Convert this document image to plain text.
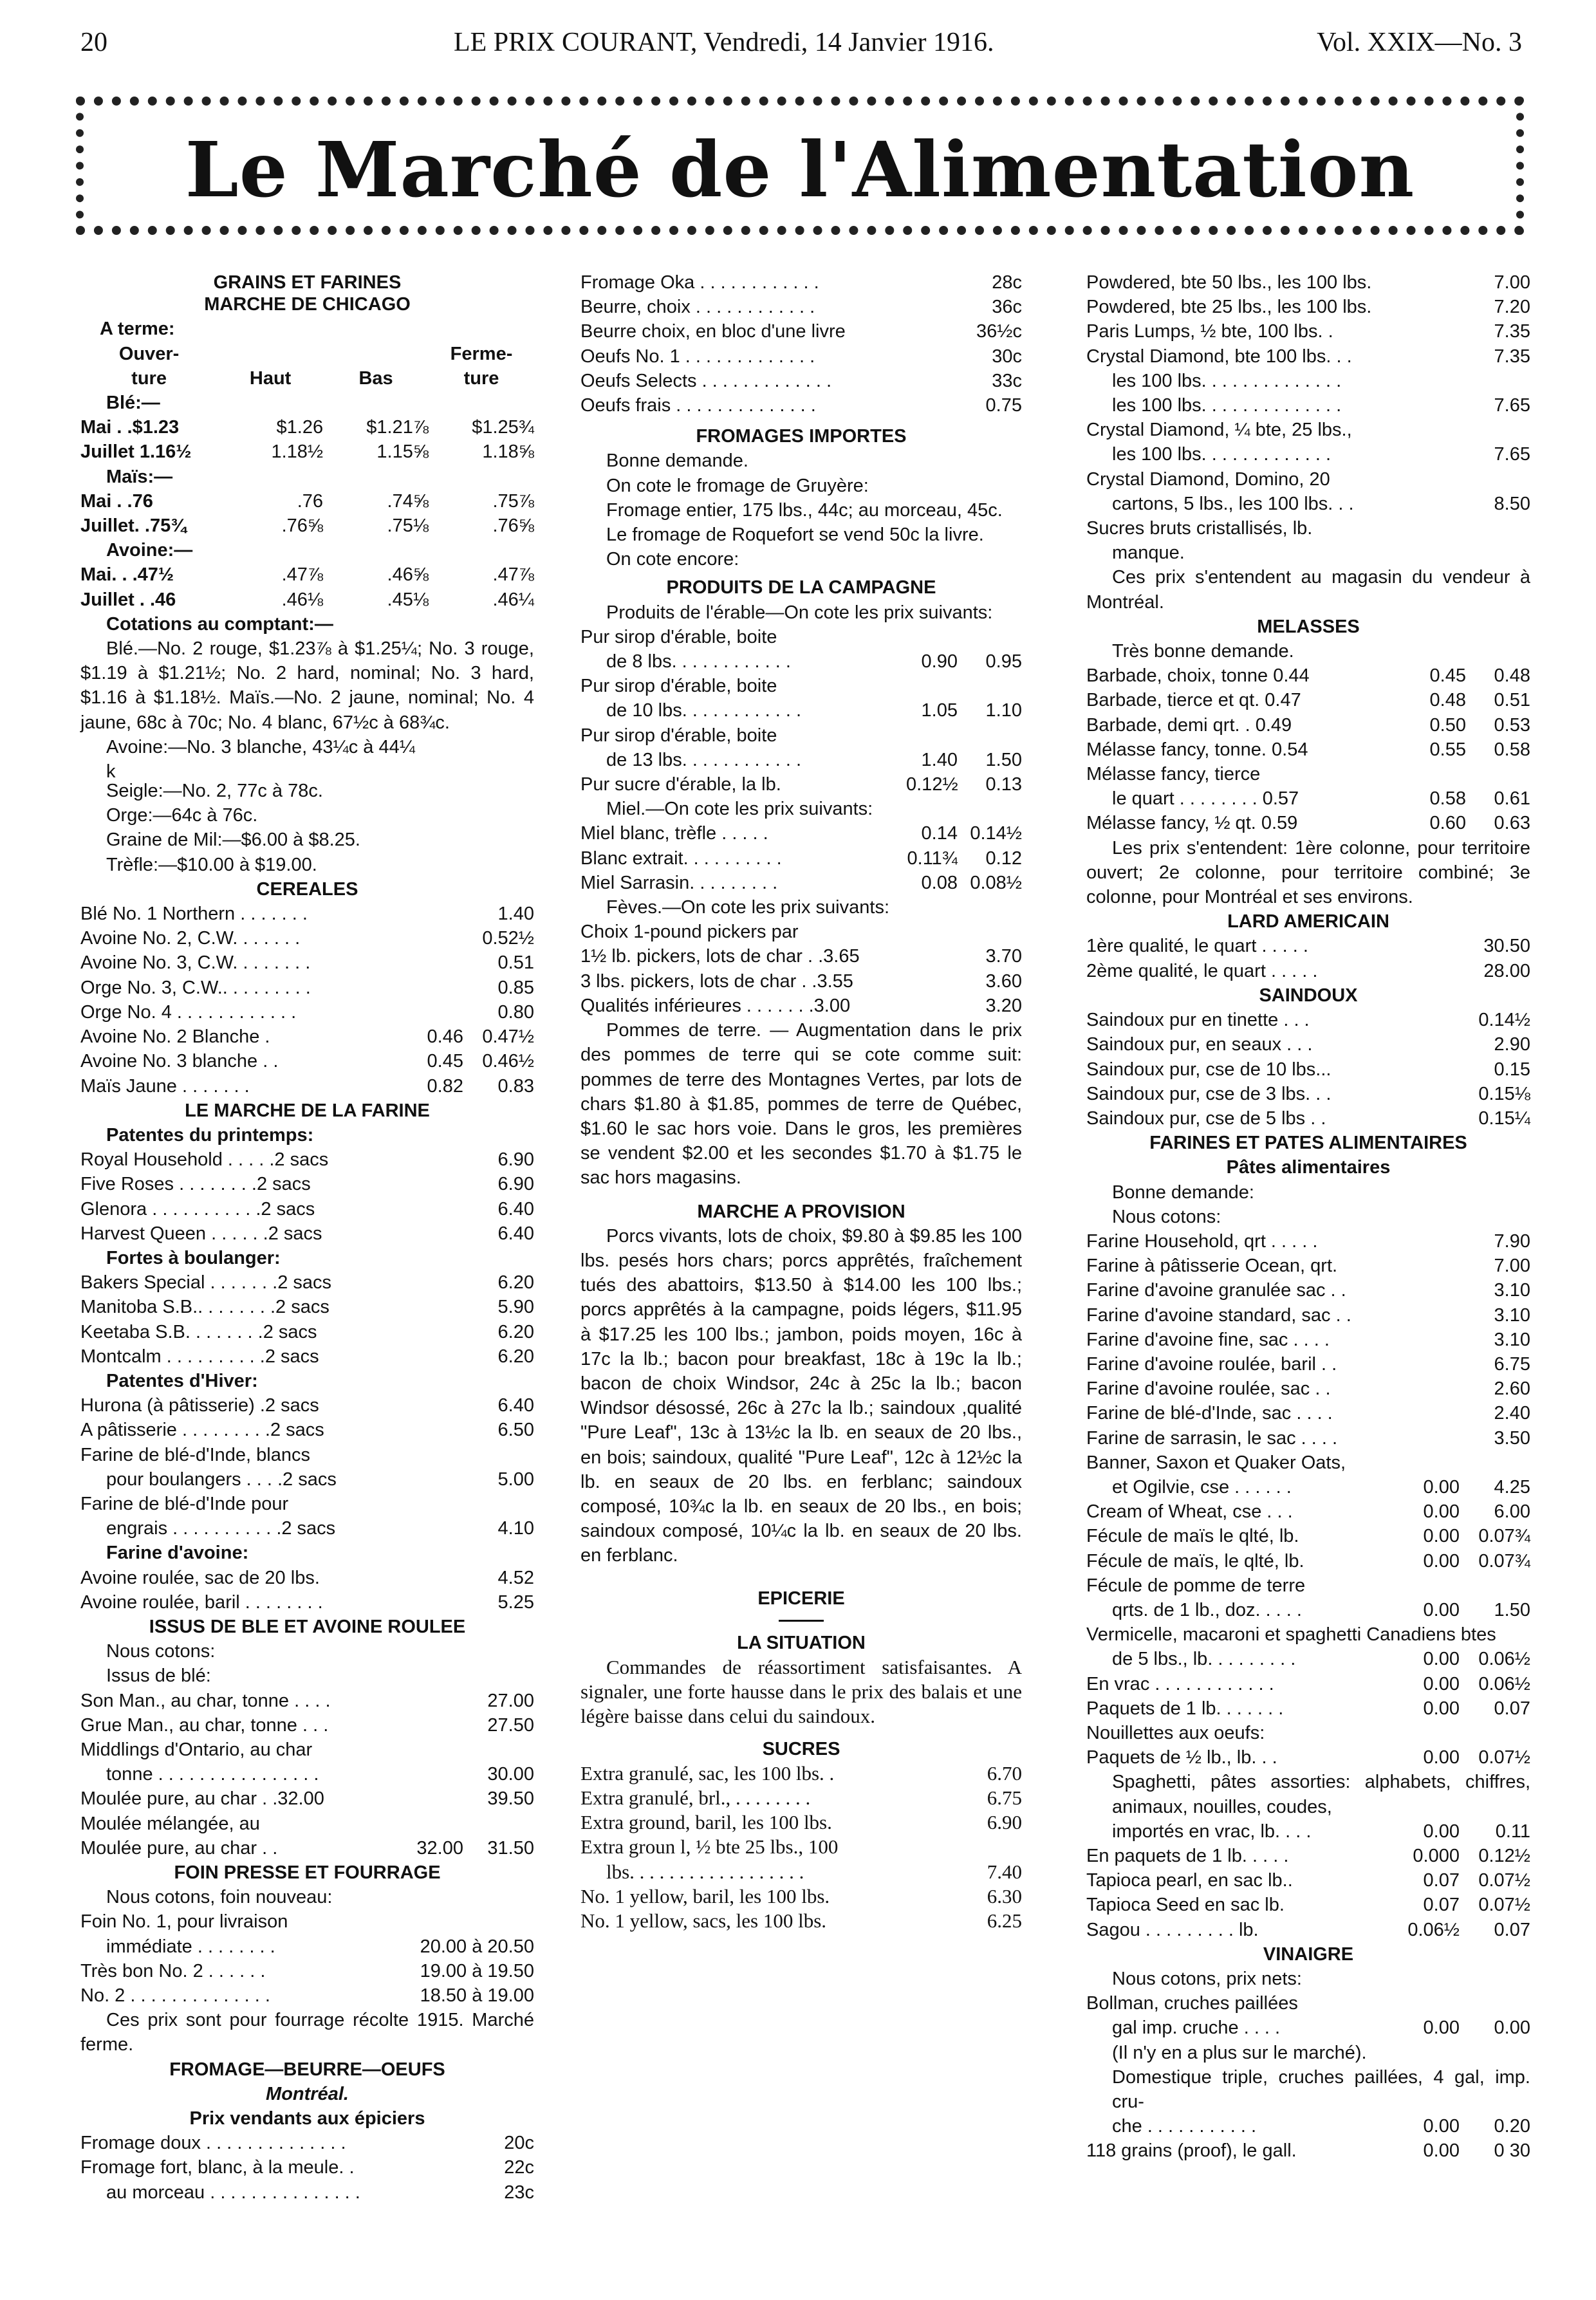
20	LE PRIX COURANT, Vendredi, 14 Janvier 1916.	Vol. XXIX—No. 3
Le Marché de l'Alimentation
GRAINS ET FARINES
MARCHE DE CHICAGO
A terme:
Ouver-
ture	Haut	Bas
Ferme-
ture
Blé:—
Mai . .$1.23	$1.26	$1.21⅞	$1.25¾
Juillet 1.16½	1.18½	1.15⅝	1.18⅝
Maïs:—
Mai . .76	.76	.74⅝	.75⅞
Juillet. .75¾	.76⅝	.75⅛	.76⅝
Avoine:—
Mai. . .47½	.47⅞	.46⅝	.47⅞
Juillet . .46	.46⅛	.45⅛	.46¼
Cotations au comptant:—
Blé.—No. 2 rouge, $1.23⅞ à $1.25¼; No. 3 rouge, $1.19 à $1.21½; No. 2 hard, nominal; No. 3 hard, $1.16 à $1.18½. Maïs.—No. 2 jaune, nominal; No. 4 jaune, 68c à 70c; No. 4 blanc, 67½c à 68¾c.
Avoine:—No. 3 blanche, 43¼c à 44¼
k
Seigle:—No. 2, 77c à 78c.
Orge:—64c à 76c.
Graine de Mil:—$6.00 à $8.25.
Trèfle:—$10.00 à $19.00.
CEREALES
Blé No. 1 Northern . . . . . . .	1.40
Avoine No. 2, C.W. . . . . . .	0.52½
Avoine No. 3, C.W. . . . . . . .	0.51
Orge No. 3, C.W.. . . . . . . . .	0.85
Orge No. 4 . . . . . . . . . . . .	0.80
Avoine No. 2 Blanche .	0.46	0.47½
Avoine No. 3 blanche . .	0.45	0.46½
Maïs Jaune . . . . . . .	0.82	0.83
LE MARCHE DE LA FARINE
Patentes du printemps:
Royal Household . . . . .2 sacs	6.90
Five Roses . . . . . . . .2 sacs	6.90
Glenora . . . . . . . . . . .2 sacs	6.40
Harvest Queen . . . . . .2 sacs	6.40
Fortes à boulanger:
Bakers Special . . . . . . .2 sacs	6.20
Manitoba S.B.. . . . . . . .2 sacs	5.90
Keetaba S.B. . . . . . . .2 sacs	6.20
Montcalm . . . . . . . . . .2 sacs	6.20
Patentes d'Hiver:
Hurona (à pâtisserie) .2 sacs	6.40
A pâtisserie . . . . . . . . .2 sacs	6.50
Farine de blé-d'Inde, blancs
pour boulangers . . . .2 sacs	5.00
Farine de blé-d'Inde pour
engrais . . . . . . . . . . .2 sacs	4.10
Farine d'avoine:
Avoine roulée, sac de 20 lbs.	4.52
Avoine roulée, baril . . . . . . . .	5.25
ISSUS DE BLE ET AVOINE ROULEE
Nous cotons:
Issus de blé:
Son Man., au char, tonne . . . .	27.00
Grue Man., au char, tonne . . .	27.50
Middlings d'Ontario, au char
tonne . . . . . . . . . . . . . . . .	30.00
Moulée pure, au char . .32.00	39.50
Moulée mélangée, au
Moulée pure, au char . .	32.00	31.50
FOIN PRESSE ET FOURRAGE
Nous cotons, foin nouveau:
Foin No. 1, pour livraison
immédiate . . . . . . . .	20.00 à 20.50
Très bon No. 2 . . . . . .	19.00 à 19.50
No. 2 . . . . . . . . . . . . . .	18.50 à 19.00
Ces prix sont pour fourrage récolte 1915. Marché ferme.
FROMAGE—BEURRE—OEUFS
Montréal.
Prix vendants aux épiciers
Fromage doux . . . . . . . . . . . . . .	20c
Fromage fort, blanc, à la meule. .	22c
au morceau . . . . . . . . . . . . . . .	23c
Fromage Oka . . . . . . . . . . . .	28c
Beurre, choix . . . . . . . . . . . .	36c
Beurre choix, en bloc d'une livre	36½c
Oeufs No. 1 . . . . . . . . . . . . .	30c
Oeufs Selects . . . . . . . . . . . . .	33c
Oeufs frais . . . . . . . . . . . . . .	0.75
FROMAGES IMPORTES
Bonne demande.
On cote le fromage de Gruyère:
Fromage entier, 175 lbs., 44c; au morceau, 45c.
Le fromage de Roquefort se vend 50c la livre.
On cote encore:
PRODUITS DE LA CAMPAGNE
Produits de l'érable—On cote les prix suivants:
Pur sirop d'érable, boite
de 8 lbs. . . . . . . . . . . .	0.90	0.95
Pur sirop d'érable, boite
de 10 lbs. . . . . . . . . . . .	1.05	1.10
Pur sirop d'érable, boite
de 13 lbs. . . . . . . . . . . .	1.40	1.50
Pur sucre d'érable, la lb.	0.12½	0.13
Miel.—On cote les prix suivants:
Miel blanc, trèfle . . . . .	0.14 0.14½
Blanc extrait. . . . . . . . . .	0.11¾	0.12
Miel Sarrasin. . . . . . . . .	0.08 0.08½
Fèves.—On cote les prix suivants:
Choix 1-pound pickers par
1½ lb. pickers, lots de char . .3.65	3.70
3 lbs. pickers, lots de char . .3.55	3.60
Qualités inférieures . . . . . . .3.00	3.20
Pommes de terre. — Augmentation dans le prix des pommes de terre qui se cote comme suit: pommes de terre des Montagnes Vertes, par lots de chars $1.80 à $1.85, pommes de terre de Québec, $1.60 le sac hors voie. Dans le gros, les premières se vendent $2.00 et les secondes $1.70 à $1.75 le sac hors magasins.
MARCHE A PROVISION
Porcs vivants, lots de choix, $9.80 à $9.85 les 100 lbs. pesés hors chars; porcs apprêtés, fraîchement tués des abattoirs, $13.50 à $14.00 les 100 lbs.; porcs apprêtés à la campagne, poids légers, $11.95 à $17.25 les 100 lbs.; jambon, poids moyen, 16c à 17c la lb.; bacon pour breakfast, 18c à 19c la lb.; bacon de choix Windsor, 24c à 25c la lb.; bacon Windsor désossé, 26c à 27c la lb.; saindoux ,qualité "Pure Leaf", 13c à 13½c la lb. en seaux de 20 lbs., en bois; saindoux, qualité "Pure Leaf", 12c à 12½c la lb. en seaux de 20 lbs. en ferblanc; saindoux composé, 10¾c la lb. en seaux de 20 lbs., en bois; saindoux composé, 10¼c la lb. en seaux de 20 lbs. en ferblanc.
EPICERIE
LA SITUATION
Commandes de réassortiment satisfaisantes. A signaler, une forte hausse dans le prix des balais et une légère baisse dans celui du saindoux.
SUCRES
Extra granulé, sac, les 100 lbs. .	6.70
Extra granulé, brl., . . . . . . . .	6.75
Extra ground, baril, les 100 lbs.	6.90
Extra groun l, ½ bte 25 lbs., 100
lbs. . . . . . . . . . . . . . . . . .	7.40
No. 1 yellow, baril, les 100 lbs.	6.30
No. 1 yellow, sacs, les 100 lbs.	6.25
Powdered, bte 50 lbs., les 100 lbs.	7.00
Powdered, bte 25 lbs., les 100 lbs.	7.20
Paris Lumps, ½ bte, 100 lbs. .	7.35
Crystal Diamond, bte 100 lbs. . .	7.35
les 100 lbs. . . . . . . . . . . . . .
les 100 lbs. . . . . . . . . . . . . .	7.65
Crystal Diamond, ¼ bte, 25 lbs.,
les 100 lbs. . . . . . . . . . . . .	7.65
Crystal Diamond, Domino, 20
cartons, 5 lbs., les 100 lbs. . .	8.50
Sucres bruts cristallisés, lb.
manque.
Ces prix s'entendent au magasin du vendeur à Montréal.
MELASSES
Très bonne demande.
Barbade, choix, tonne 0.44	0.45	0.48
Barbade, tierce et qt. 0.47	0.48	0.51
Barbade, demi qrt. . 0.49	0.50	0.53
Mélasse fancy, tonne. 0.54	0.55	0.58
Mélasse fancy, tierce
le quart . . . . . . . . 0.57	0.58	0.61
Mélasse fancy, ½ qt. 0.59	0.60	0.63
Les prix s'entendent: 1ère colonne, pour territoire ouvert; 2e colonne, pour territoire combiné; 3e colonne, pour Montréal et ses environs.
LARD AMERICAIN
1ère qualité, le quart . . . . .	30.50
2ème qualité, le quart . . . . .	28.00
SAINDOUX
Saindoux pur en tinette . . .	0.14½
Saindoux pur, en seaux . . .	2.90
Saindoux pur, cse de 10 lbs...	0.15
Saindoux pur, cse de 3 lbs. . .	0.15⅛
Saindoux pur, cse de 5 lbs . .	0.15¼
FARINES ET PATES ALIMENTAIRES
Pâtes alimentaires
Bonne demande:
Nous cotons:
Farine Household, qrt . . . . .	7.90
Farine à pâtisserie Ocean, qrt.	7.00
Farine d'avoine granulée sac . .	3.10
Farine d'avoine standard, sac . .	3.10
Farine d'avoine fine, sac . . . .	3.10
Farine d'avoine roulée, baril . .	6.75
Farine d'avoine roulée, sac . .	2.60
Farine de blé-d'Inde, sac . . . .	2.40
Farine de sarrasin, le sac . . . .	3.50
Banner, Saxon et Quaker Oats,
et Ogilvie, cse . . . . . .	0.00	4.25
Cream of Wheat, cse . . .	0.00	6.00
Fécule de maïs le qlté, lb.	0.00	0.07¾
Fécule de maïs, le qlté, lb.	0.00	0.07¾
Fécule de pomme de terre
qrts. de 1 lb., doz. . . . .	0.00	1.50
Vermicelle, macaroni et spaghetti Canadiens btes
de 5 lbs., lb. . . . . . . . .	0.00	0.06½
En vrac . . . . . . . . . . . .	0.00	0.06½
Paquets de 1 lb. . . . . . .	0.00	0.07
Nouillettes aux oeufs:
Paquets de ½ lb., lb. . .	0.00	0.07½
Spaghetti, pâtes assorties: alphabets, chiffres, animaux, nouilles, coudes,
importés en vrac, lb. . . .	0.00	0.11
En paquets de 1 lb. . . . .	0.000	0.12½
Tapioca pearl, en sac lb..	0.07	0.07½
Tapioca Seed en sac lb.	0.07	0.07½
Sagou . . . . . . . . . lb.	0.06½	0.07
VINAIGRE
Nous cotons, prix nets:
Bollman, cruches paillées
gal imp. cruche . . . .	0.00	0.00
(Il n'y en a plus sur le marché).
Domestique triple, cruches paillées, 4 gal, imp. cru-
che . . . . . . . . . . .	0.00	0.20
118 grains (proof), le gall.	0.00	0 30
